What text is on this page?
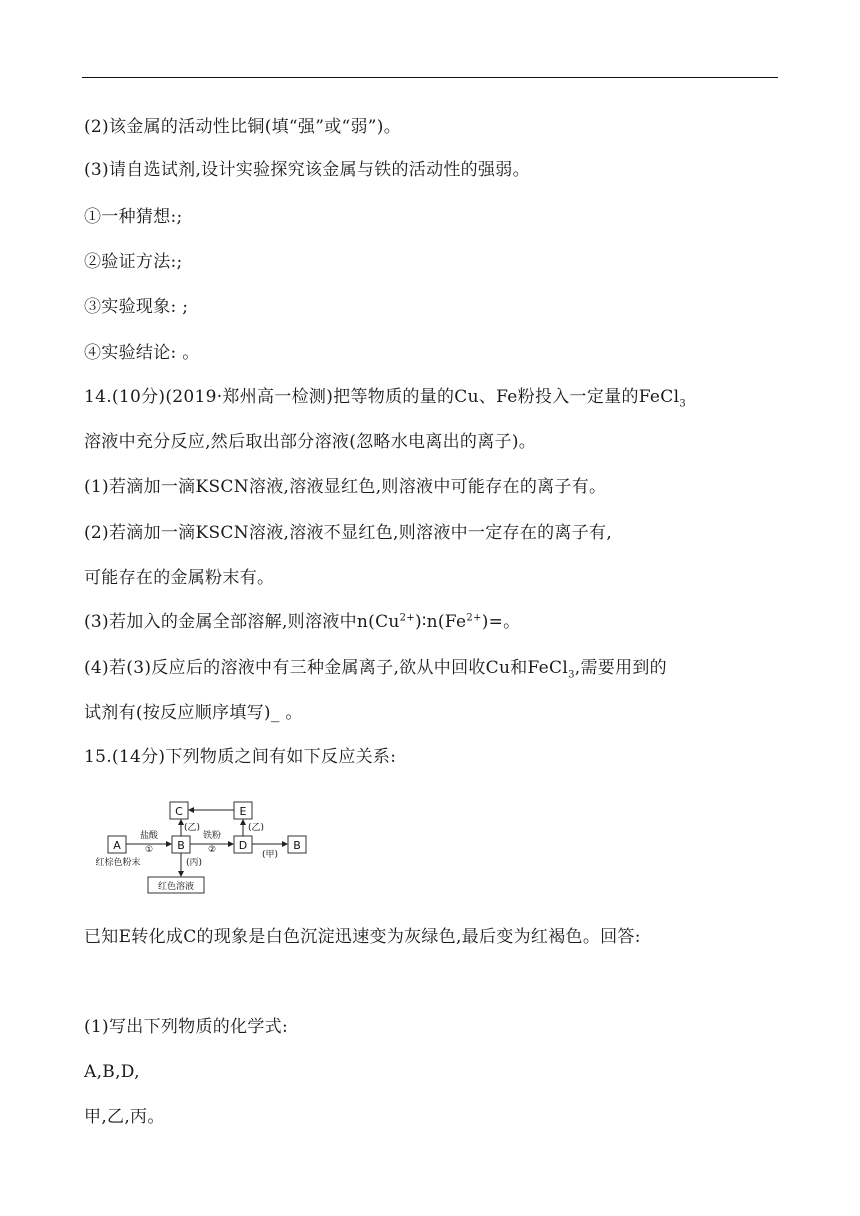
(2)该金属的活动性比铜(填“强”或“弱”)。
(3)请自选试剂,设计实验探究该金属与铁的活动性的强弱。
①一种猜想:;
②验证方法:;
③实验现象: ;
④实验结论: 。
14.(10分)(2019·郑州高一检测)把等物质的量的Cu、Fe粉投入一定量的FeCl$_3$
溶液中充分反应,然后取出部分溶液(忽略水电离出的离子)。
(1)若滴加一滴KSCN溶液,溶液显红色,则溶液中可能存在的离子有。
(2)若滴加一滴KSCN溶液,溶液不显红色,则溶液中一定存在的离子有,
可能存在的金属粉末有。
(3)若加入的金属全部溶解,则溶液中$n(Cu^{2+})∶n(Fe^{2+})=$。
(4)若(3)反应后的溶液中有三种金属离子,欲从中回收Cu和FeCl$_3$,需要用到的
试剂有(按反应顺序填写)_ 。
15.(14分)下列物质之间有如下反应关系:
A	B	D	B
C	E
红色溶液
红棕色粉末
盐酸
①
铁粉
②
(乙)	(乙)
(甲)
(丙)
已知E转化成C的现象是白色沉淀迅速变为灰绿色,最后变为红褐色。回答:
(1)写出下列物质的化学式:
A,B,D,
甲,乙,丙。
